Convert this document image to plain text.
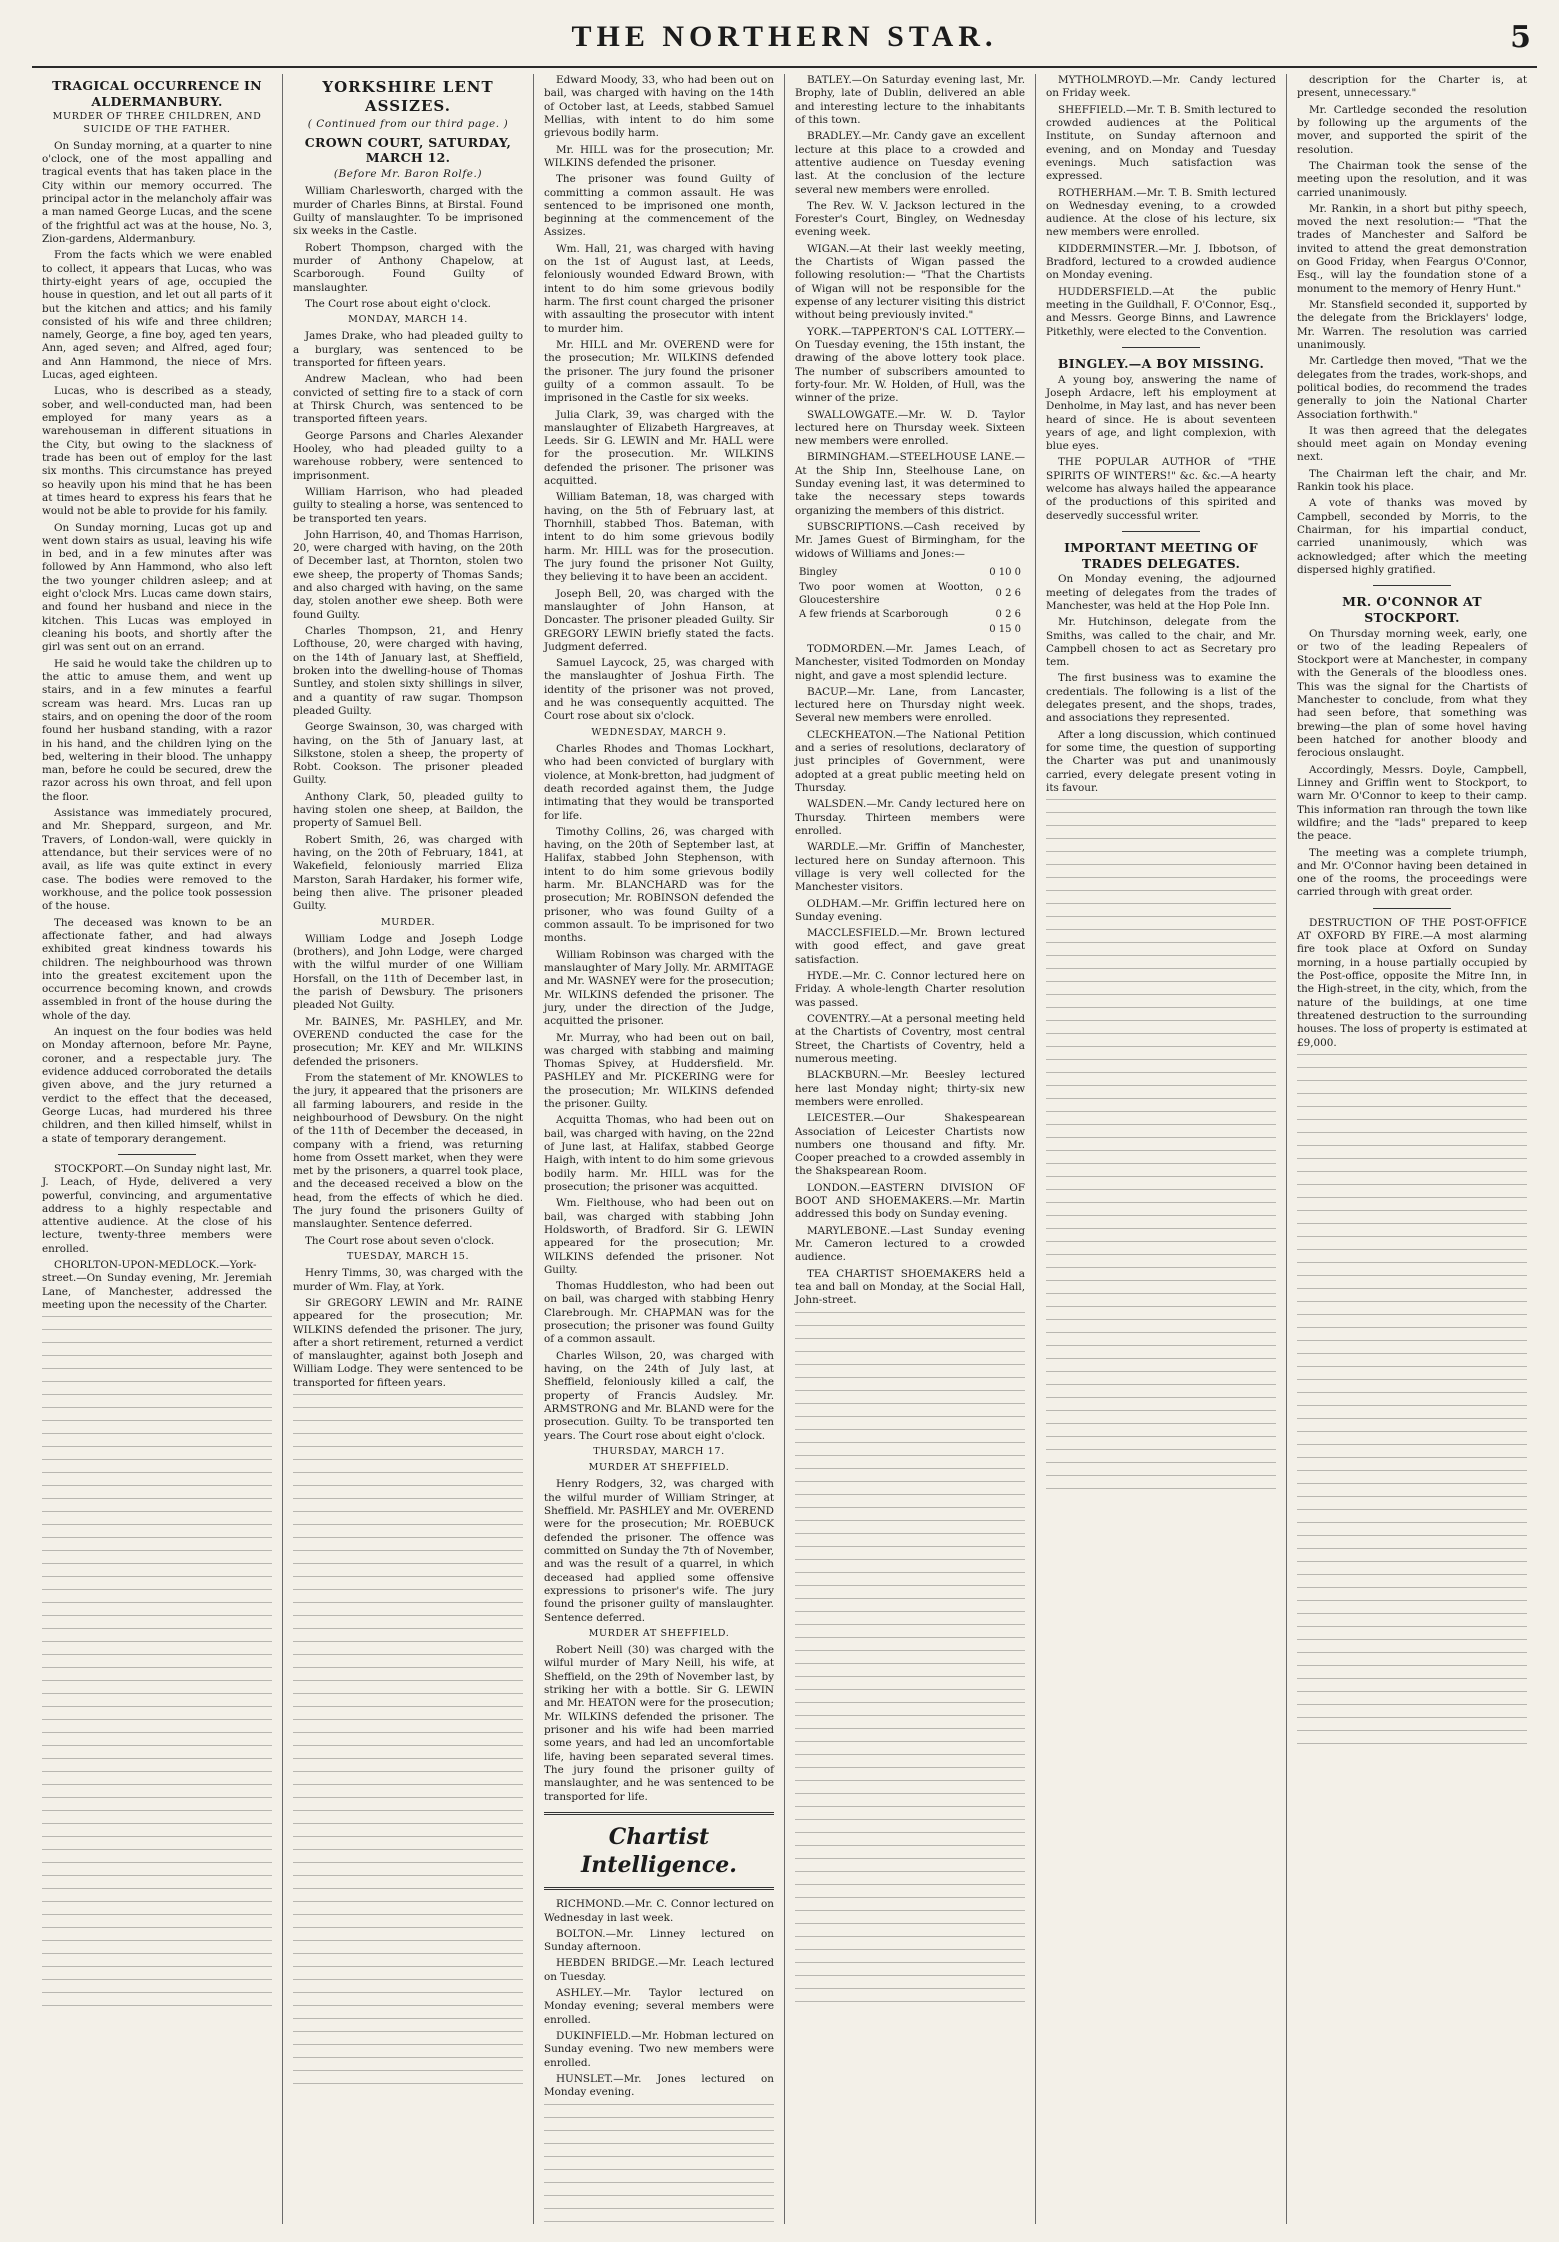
THE NORTHERN STAR.	5
TRAGICAL OCCURRENCE IN ALDERMANBURY.
MURDER OF THREE CHILDREN, AND SUICIDE OF THE FATHER.

On Sunday morning, at a quarter to nine o'clock, one of the most appalling and tragical events that has taken place in the City within our memory occurred. The principal actor in the melancholy affair was a man named George Lucas, and the scene of the frightful act was at the house, No. 3, Zion-gardens, Aldermanbury.

From the facts which we were enabled to collect, it appears that Lucas, who was thirty-eight years of age, occupied the house in question, and let out all parts of it but the kitchen and attics; and his family consisted of his wife and three children; namely, George, a fine boy, aged ten years, Ann, aged seven; and Alfred, aged four; and Ann Hammond, the niece of Mrs. Lucas, aged eighteen.

Lucas, who is described as a steady, sober, and well-conducted man, had been employed for many years as a warehouseman in different situations in the City, but owing to the slackness of trade has been out of employ for the last six months. This circumstance has preyed so heavily upon his mind that he has been at times heard to express his fears that he would not be able to provide for his family.

On Sunday morning, Lucas got up and went down stairs as usual, leaving his wife in bed, and in a few minutes after was followed by Ann Hammond, who also left the two younger children asleep; and at eight o'clock Mrs. Lucas came down stairs, and found her husband and niece in the kitchen. This Lucas was employed in cleaning his boots, and shortly after the girl was sent out on an errand.

He said he would take the children up to the attic to amuse them, and went up stairs, and in a few minutes a fearful scream was heard. Mrs. Lucas ran up stairs, and on opening the door of the room found her husband standing, with a razor in his hand, and the children lying on the bed, weltering in their blood. The unhappy man, before he could be secured, drew the razor across his own throat, and fell upon the floor.

Assistance was immediately procured, and Mr. Sheppard, surgeon, and Mr. Travers, of London-wall, were quickly in attendance, but their services were of no avail, as life was quite extinct in every case. The bodies were removed to the workhouse, and the police took possession of the house.

The deceased was known to be an affectionate father, and had always exhibited great kindness towards his children. The neighbourhood was thrown into the greatest excitement upon the occurrence becoming known, and crowds assembled in front of the house during the whole of the day.

An inquest on the four bodies was held on Monday afternoon, before Mr. Payne, coroner, and a respectable jury. The evidence adduced corroborated the details given above, and the jury returned a verdict to the effect that the deceased, George Lucas, had murdered his three children, and then killed himself, whilst in a state of temporary derangement.

STOCKPORT.—On Sunday night last, Mr. J. Leach, of Hyde, delivered a very powerful, convincing, and argumentative address to a highly respectable and attentive audience. At the close of his lecture, twenty-three members were enrolled.

CHORLTON-UPON-MEDLOCK.—York-street.—On Sunday evening, Mr. Jeremiah Lane, of Manchester, addressed the meeting upon the necessity of the Charter.

YORKSHIRE LENT ASSIZES.
( Continued from our third page. )
CROWN COURT, SATURDAY, MARCH 12.
(Before Mr. Baron Rolfe.)

William Charlesworth, charged with the murder of Charles Binns, at Birstal. Found Guilty of manslaughter. To be imprisoned six weeks in the Castle.

Robert Thompson, charged with the murder of Anthony Chapelow, at Scarborough. Found Guilty of manslaughter.

The Court rose about eight o'clock.

MONDAY, MARCH 14.

James Drake, who had pleaded guilty to a burglary, was sentenced to be transported for fifteen years.

Andrew Maclean, who had been convicted of setting fire to a stack of corn at Thirsk Church, was sentenced to be transported fifteen years.

George Parsons and Charles Alexander Hooley, who had pleaded guilty to a warehouse robbery, were sentenced to imprisonment.

William Harrison, who had pleaded guilty to stealing a horse, was sentenced to be transported ten years.

John Harrison, 40, and Thomas Harrison, 20, were charged with having, on the 20th of December last, at Thornton, stolen two ewe sheep, the property of Thomas Sands; and also charged with having, on the same day, stolen another ewe sheep. Both were found Guilty.

Charles Thompson, 21, and Henry Lofthouse, 20, were charged with having, on the 14th of January last, at Sheffield, broken into the dwelling-house of Thomas Suntley, and stolen sixty shillings in silver, and a quantity of raw sugar. Thompson pleaded Guilty.

George Swainson, 30, was charged with having, on the 5th of January last, at Silkstone, stolen a sheep, the property of Robt. Cookson. The prisoner pleaded Guilty.

Anthony Clark, 50, pleaded guilty to having stolen one sheep, at Baildon, the property of Samuel Bell.

Robert Smith, 26, was charged with having, on the 20th of February, 1841, at Wakefield, feloniously married Eliza Marston, Sarah Hardaker, his former wife, being then alive. The prisoner pleaded Guilty.

MURDER.

William Lodge and Joseph Lodge (brothers), and John Lodge, were charged with the wilful murder of one William Horsfall, on the 11th of December last, in the parish of Dewsbury. The prisoners pleaded Not Guilty.

Mr. BAINES, Mr. PASHLEY, and Mr. OVEREND conducted the case for the prosecution; Mr. KEY and Mr. WILKINS defended the prisoners.

From the statement of Mr. KNOWLES to the jury, it appeared that the prisoners are all farming labourers, and reside in the neighbourhood of Dewsbury. On the night of the 11th of December the deceased, in company with a friend, was returning home from Ossett market, when they were met by the prisoners, a quarrel took place, and the deceased received a blow on the head, from the effects of which he died. The jury found the prisoners Guilty of manslaughter. Sentence deferred.

The Court rose about seven o'clock.

TUESDAY, MARCH 15.

Henry Timms, 30, was charged with the murder of Wm. Flay, at York.

Sir GREGORY LEWIN and Mr. RAINE appeared for the prosecution; Mr. WILKINS defended the prisoner. The jury, after a short retirement, returned a verdict of manslaughter, against both Joseph and William Lodge. They were sentenced to be transported for fifteen years.

Edward Moody, 33, who had been out on bail, was charged with having on the 14th of October last, at Leeds, stabbed Samuel Mellias, with intent to do him some grievous bodily harm.

Mr. HILL was for the prosecution; Mr. WILKINS defended the prisoner.

The prisoner was found Guilty of committing a common assault. He was sentenced to be imprisoned one month, beginning at the commencement of the Assizes.

Wm. Hall, 21, was charged with having on the 1st of August last, at Leeds, feloniously wounded Edward Brown, with intent to do him some grievous bodily harm. The first count charged the prisoner with assaulting the prosecutor with intent to murder him.

Mr. HILL and Mr. OVEREND were for the prosecution; Mr. WILKINS defended the prisoner. The jury found the prisoner guilty of a common assault. To be imprisoned in the Castle for six weeks.

Julia Clark, 39, was charged with the manslaughter of Elizabeth Hargreaves, at Leeds. Sir G. LEWIN and Mr. HALL were for the prosecution. Mr. WILKINS defended the prisoner. The prisoner was acquitted.

William Bateman, 18, was charged with having, on the 5th of February last, at Thornhill, stabbed Thos. Bateman, with intent to do him some grievous bodily harm. Mr. HILL was for the prosecution. The jury found the prisoner Not Guilty, they believing it to have been an accident.

Joseph Bell, 20, was charged with the manslaughter of John Hanson, at Doncaster. The prisoner pleaded Guilty. Sir GREGORY LEWIN briefly stated the facts. Judgment deferred.

Samuel Laycock, 25, was charged with the manslaughter of Joshua Firth. The identity of the prisoner was not proved, and he was consequently acquitted. The Court rose about six o'clock.

WEDNESDAY, MARCH 9.

Charles Rhodes and Thomas Lockhart, who had been convicted of burglary with violence, at Monk-bretton, had judgment of death recorded against them, the Judge intimating that they would be transported for life.

Timothy Collins, 26, was charged with having, on the 20th of September last, at Halifax, stabbed John Stephenson, with intent to do him some grievous bodily harm. Mr. BLANCHARD was for the prosecution; Mr. ROBINSON defended the prisoner, who was found Guilty of a common assault. To be imprisoned for two months.

William Robinson was charged with the manslaughter of Mary Jolly. Mr. ARMITAGE and Mr. WASNEY were for the prosecution; Mr. WILKINS defended the prisoner. The jury, under the direction of the Judge, acquitted the prisoner.

Mr. Murray, who had been out on bail, was charged with stabbing and maiming Thomas Spivey, at Huddersfield. Mr. PASHLEY and Mr. PICKERING were for the prosecution; Mr. WILKINS defended the prisoner. Guilty.

Acquitta Thomas, who had been out on bail, was charged with having, on the 22nd of June last, at Halifax, stabbed George Haigh, with intent to do him some grievous bodily harm. Mr. HILL was for the prosecution; the prisoner was acquitted.

Wm. Fielthouse, who had been out on bail, was charged with stabbing John Holdsworth, of Bradford. Sir G. LEWIN appeared for the prosecution; Mr. WILKINS defended the prisoner. Not Guilty.

Thomas Huddleston, who had been out on bail, was charged with stabbing Henry Clarebrough. Mr. CHAPMAN was for the prosecution; the prisoner was found Guilty of a common assault.

Charles Wilson, 20, was charged with having, on the 24th of July last, at Sheffield, feloniously killed a calf, the property of Francis Audsley. Mr. ARMSTRONG and Mr. BLAND were for the prosecution. Guilty. To be transported ten years. The Court rose about eight o'clock.

THURSDAY, MARCH 17.
MURDER AT SHEFFIELD.

Henry Rodgers, 32, was charged with the wilful murder of William Stringer, at Sheffield. Mr. PASHLEY and Mr. OVEREND were for the prosecution; Mr. ROEBUCK defended the prisoner. The offence was committed on Sunday the 7th of November, and was the result of a quarrel, in which deceased had applied some offensive expressions to prisoner's wife. The jury found the prisoner guilty of manslaughter. Sentence deferred.

MURDER AT SHEFFIELD.

Robert Neill (30) was charged with the wilful murder of Mary Neill, his wife, at Sheffield, on the 29th of November last, by striking her with a bottle. Sir G. LEWIN and Mr. HEATON were for the prosecution; Mr. WILKINS defended the prisoner. The prisoner and his wife had been married some years, and had led an uncomfortable life, having been separated several times. The jury found the prisoner guilty of manslaughter, and he was sentenced to be transported for life.

Chartist Intelligence.

RICHMOND.—Mr. C. Connor lectured on Wednesday in last week.

BOLTON.—Mr. Linney lectured on Sunday afternoon.

HEBDEN BRIDGE.—Mr. Leach lectured on Tuesday.

ASHLEY.—Mr. Taylor lectured on Monday evening; several members were enrolled.

DUKINFIELD.—Mr. Hobman lectured on Sunday evening. Two new members were enrolled.

HUNSLET.—Mr. Jones lectured on Monday evening.

BATLEY.—On Saturday evening last, Mr. Brophy, late of Dublin, delivered an able and interesting lecture to the inhabitants of this town.

BRADLEY.—Mr. Candy gave an excellent lecture at this place to a crowded and attentive audience on Tuesday evening last. At the conclusion of the lecture several new members were enrolled.

The Rev. W. V. Jackson lectured in the Forester's Court, Bingley, on Wednesday evening week.

WIGAN.—At their last weekly meeting, the Chartists of Wigan passed the following resolution:— "That the Chartists of Wigan will not be responsible for the expense of any lecturer visiting this district without being previously invited."

YORK.—TAPPERTON'S CAL LOTTERY.—On Tuesday evening, the 15th instant, the drawing of the above lottery took place. The number of subscribers amounted to forty-four. Mr. W. Holden, of Hull, was the winner of the prize.

SWALLOWGATE.—Mr. W. D. Taylor lectured here on Thursday week. Sixteen new members were enrolled.

BIRMINGHAM.—STEELHOUSE LANE.—At the Ship Inn, Steelhouse Lane, on Sunday evening last, it was determined to take the necessary steps towards organizing the members of this district.

SUBSCRIPTIONS.—Cash received by Mr. James Guest of Birmingham, for the widows of Williams and Jones:—

Bingley	0 10 0
Two poor women at Wootton, Gloucestershire	0 2 6
A few friends at Scarborough	0 2 6
	0 15 0

TODMORDEN.—Mr. James Leach, of Manchester, visited Todmorden on Monday night, and gave a most splendid lecture.

BACUP.—Mr. Lane, from Lancaster, lectured here on Thursday night week. Several new members were enrolled.

CLECKHEATON.—The National Petition and a series of resolutions, declaratory of just principles of Government, were adopted at a great public meeting held on Thursday.

WALSDEN.—Mr. Candy lectured here on Thursday. Thirteen members were enrolled.

WARDLE.—Mr. Griffin of Manchester, lectured here on Sunday afternoon. This village is very well collected for the Manchester visitors.

OLDHAM.—Mr. Griffin lectured here on Sunday evening.

MACCLESFIELD.—Mr. Brown lectured with good effect, and gave great satisfaction.

HYDE.—Mr. C. Connor lectured here on Friday. A whole-length Charter resolution was passed.

COVENTRY.—At a personal meeting held at the Chartists of Coventry, most central Street, the Chartists of Coventry, held a numerous meeting.

BLACKBURN.—Mr. Beesley lectured here last Monday night; thirty-six new members were enrolled.

LEICESTER.—Our Shakespearean Association of Leicester Chartists now numbers one thousand and fifty. Mr. Cooper preached to a crowded assembly in the Shakspearean Room.

LONDON.—EASTERN DIVISION OF BOOT AND SHOEMAKERS.—Mr. Martin addressed this body on Sunday evening.

MARYLEBONE.—Last Sunday evening Mr. Cameron lectured to a crowded audience.

TEA CHARTIST SHOEMAKERS held a tea and ball on Monday, at the Social Hall, John-street.

MYTHOLMROYD.—Mr. Candy lectured on Friday week.

SHEFFIELD.—Mr. T. B. Smith lectured to crowded audiences at the Political Institute, on Sunday afternoon and evening, and on Monday and Tuesday evenings. Much satisfaction was expressed.

ROTHERHAM.—Mr. T. B. Smith lectured on Wednesday evening, to a crowded audience. At the close of his lecture, six new members were enrolled.

KIDDERMINSTER.—Mr. J. Ibbotson, of Bradford, lectured to a crowded audience on Monday evening.

HUDDERSFIELD.—At the public meeting in the Guildhall, F. O'Connor, Esq., and Messrs. George Binns, and Lawrence Pitkethly, were elected to the Convention.

BINGLEY.—A BOY MISSING.

A young boy, answering the name of Joseph Ardacre, left his employment at Denholme, in May last, and has never been heard of since. He is about seventeen years of age, and light complexion, with blue eyes.

THE POPULAR AUTHOR of "THE SPIRITS OF WINTERS!" &c. &c.—A hearty welcome has always hailed the appearance of the productions of this spirited and deservedly successful writer.

IMPORTANT MEETING OF TRADES DELEGATES.

On Monday evening, the adjourned meeting of delegates from the trades of Manchester, was held at the Hop Pole Inn.

Mr. Hutchinson, delegate from the Smiths, was called to the chair, and Mr. Campbell chosen to act as Secretary pro tem.

The first business was to examine the credentials. The following is a list of the delegates present, and the shops, trades, and associations they represented.

After a long discussion, which continued for some time, the question of supporting the Charter was put and unanimously carried, every delegate present voting in its favour.

description for the Charter is, at present, unnecessary."

Mr. Cartledge seconded the resolution by following up the arguments of the mover, and supported the spirit of the resolution.

The Chairman took the sense of the meeting upon the resolution, and it was carried unanimously.

Mr. Rankin, in a short but pithy speech, moved the next resolution:— "That the trades of Manchester and Salford be invited to attend the great demonstration on Good Friday, when Feargus O'Connor, Esq., will lay the foundation stone of a monument to the memory of Henry Hunt."

Mr. Stansfield seconded it, supported by the delegate from the Bricklayers' lodge, Mr. Warren. The resolution was carried unanimously.

Mr. Cartledge then moved, "That we the delegates from the trades, work-shops, and political bodies, do recommend the trades generally to join the National Charter Association forthwith."

It was then agreed that the delegates should meet again on Monday evening next.

The Chairman left the chair, and Mr. Rankin took his place.

A vote of thanks was moved by Campbell, seconded by Morris, to the Chairman, for his impartial conduct, carried unanimously, which was acknowledged; after which the meeting dispersed highly gratified.

MR. O'CONNOR AT STOCKPORT.

On Thursday morning week, early, one or two of the leading Repealers of Stockport were at Manchester, in company with the Generals of the bloodless ones. This was the signal for the Chartists of Manchester to conclude, from what they had seen before, that something was brewing—the plan of some hovel having been hatched for another bloody and ferocious onslaught.

Accordingly, Messrs. Doyle, Campbell, Linney and Griffin went to Stockport, to warn Mr. O'Connor to keep to their camp. This information ran through the town like wildfire; and the "lads" prepared to keep the peace.

The meeting was a complete triumph, and Mr. O'Connor having been detained in one of the rooms, the proceedings were carried through with great order.

DESTRUCTION OF THE POST-OFFICE AT OXFORD BY FIRE.—A most alarming fire took place at Oxford on Sunday morning, in a house partially occupied by the Post-office, opposite the Mitre Inn, in the High-street, in the city, which, from the nature of the buildings, at one time threatened destruction to the surrounding houses. The loss of property is estimated at £9,000.
